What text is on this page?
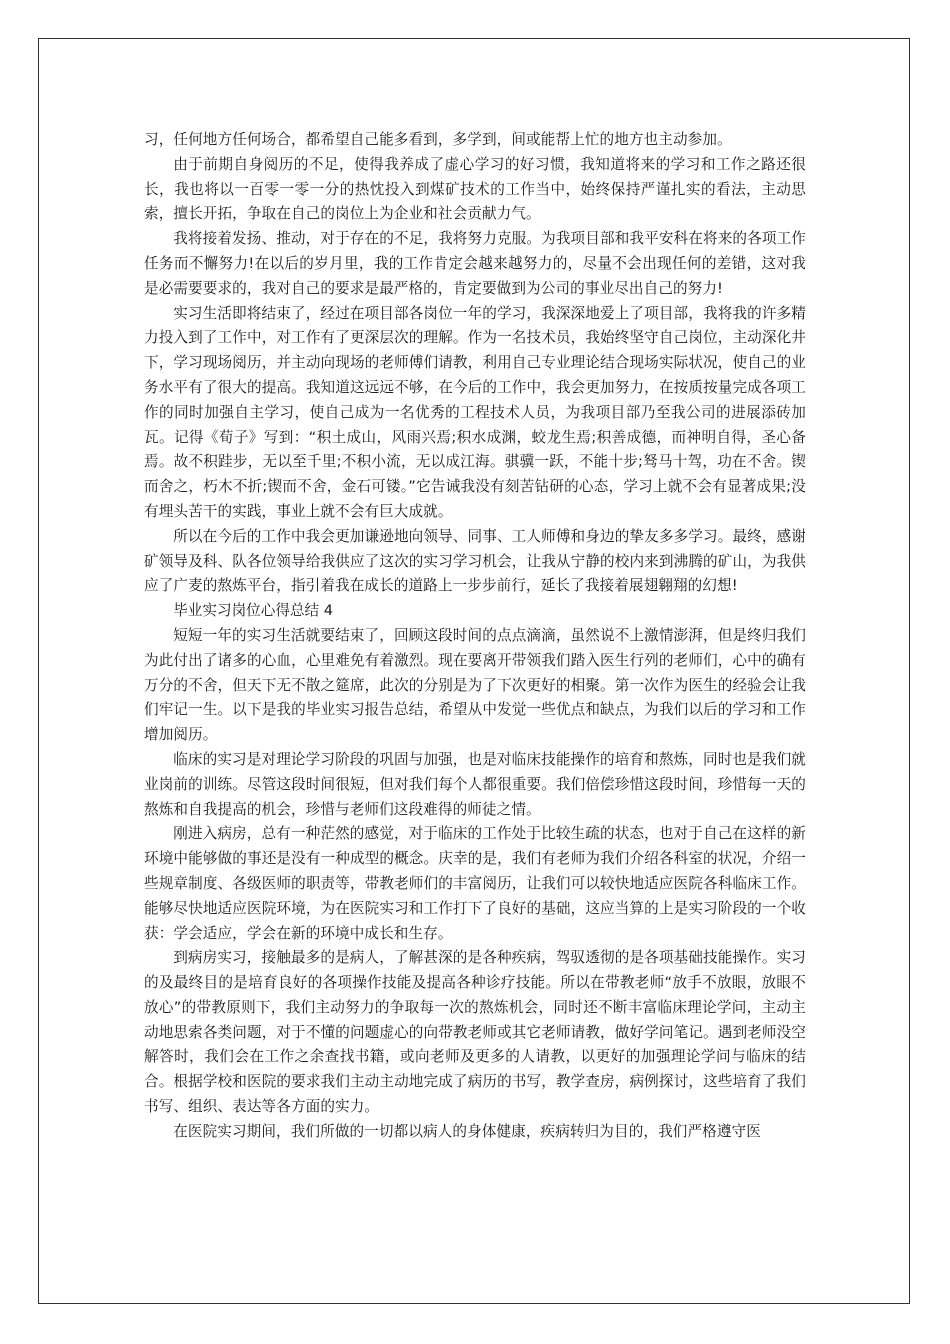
习，任何地方任何场合，都希望自己能多看到，多学到，间或能帮上忙的地方也主动参加。

由于前期自身阅历的不足，使得我养成了虚心学习的好习惯，我知道将来的学习和工作之路还很长，我也将以一百零一零一分的热忱投入到煤矿技术的工作当中，始终保持严谨扎实的看法，主动思索，擅长开拓，争取在自己的岗位上为企业和社会贡献力气。

我将接着发扬、推动，对于存在的不足，我将努力克服。为我项目部和我平安科在将来的各项工作任务而不懈努力!在以后的岁月里，我的工作肯定会越来越努力的，尽量不会出现任何的差错，这对我是必需要要求的，我对自己的要求是最严格的，肯定要做到为公司的事业尽出自己的努力!

实习生活即将结束了，经过在项目部各岗位一年的学习，我深深地爱上了项目部，我将我的许多精力投入到了工作中，对工作有了更深层次的理解。作为一名技术员，我始终坚守自己岗位，主动深化井下，学习现场阅历，并主动向现场的老师傅们请教，利用自己专业理论结合现场实际状况，使自己的业务水平有了很大的提高。我知道这远远不够，在今后的工作中，我会更加努力，在按质按量完成各项工作的同时加强自主学习，使自己成为一名优秀的工程技术人员，为我项目部乃至我公司的进展添砖加瓦。记得《荀子》写到：“积土成山，风雨兴焉;积水成渊，蛟龙生焉;积善成德，而神明自得，圣心备焉。故不积跬步，无以至千里;不积小流，无以成江海。骐骥一跃，不能十步;驽马十驾，功在不舍。锲而舍之，朽木不折;锲而不舍，金石可镂。”它告诫我没有刻苦钻研的心态，学习上就不会有显著成果;没有埋头苦干的实践，事业上就不会有巨大成就。

所以在今后的工作中我会更加谦逊地向领导、同事、工人师傅和身边的挚友多多学习。最终，感谢矿领导及科、队各位领导给我供应了这次的实习学习机会，让我从宁静的校内来到沸腾的矿山，为我供应了广麦的熬炼平台，指引着我在成长的道路上一步步前行，延长了我接着展翅翱翔的幻想!

毕业实习岗位心得总结 4

短短一年的实习生活就要结束了，回顾这段时间的点点滴滴，虽然说不上激情澎湃，但是终归我们为此付出了诸多的心血，心里难免有着激烈。现在要离开带领我们踏入医生行列的老师们，心中的确有万分的不舍，但天下无不散之筵席，此次的分别是为了下次更好的相聚。第一次作为医生的经验会让我们牢记一生。以下是我的毕业实习报告总结，希望从中发觉一些优点和缺点，为我们以后的学习和工作增加阅历。

临床的实习是对理论学习阶段的巩固与加强，也是对临床技能操作的培育和熬炼，同时也是我们就业岗前的训练。尽管这段时间很短，但对我们每个人都很重要。我们倍偿珍惜这段时间，珍惜每一天的熬炼和自我提高的机会，珍惜与老师们这段难得的师徒之情。

刚进入病房，总有一种茫然的感觉，对于临床的工作处于比较生疏的状态，也对于自己在这样的新环境中能够做的事还是没有一种成型的概念。庆幸的是，我们有老师为我们介绍各科室的状况，介绍一些规章制度、各级医师的职责等，带教老师们的丰富阅历，让我们可以较快地适应医院各科临床工作。能够尽快地适应医院环境，为在医院实习和工作打下了良好的基础，这应当算的上是实习阶段的一个收获：学会适应，学会在新的环境中成长和生存。

到病房实习，接触最多的是病人，了解甚深的是各种疾病，驾驭透彻的是各项基础技能操作。实习的及最终目的是培育良好的各项操作技能及提高各种诊疗技能。所以在带教老师“放手不放眼，放眼不放心”的带教原则下，我们主动努力的争取每一次的熬炼机会，同时还不断丰富临床理论学问，主动主动地思索各类问题，对于不懂的问题虚心的向带教老师或其它老师请教，做好学问笔记。遇到老师没空解答时，我们会在工作之余查找书籍，或向老师及更多的人请教，以更好的加强理论学问与临床的结合。根据学校和医院的要求我们主动主动地完成了病历的书写，教学查房，病例探讨，这些培育了我们书写、组织、表达等各方面的实力。

在医院实习期间，我们所做的一切都以病人的身体健康，疾病转归为目的，我们严格遵守医
